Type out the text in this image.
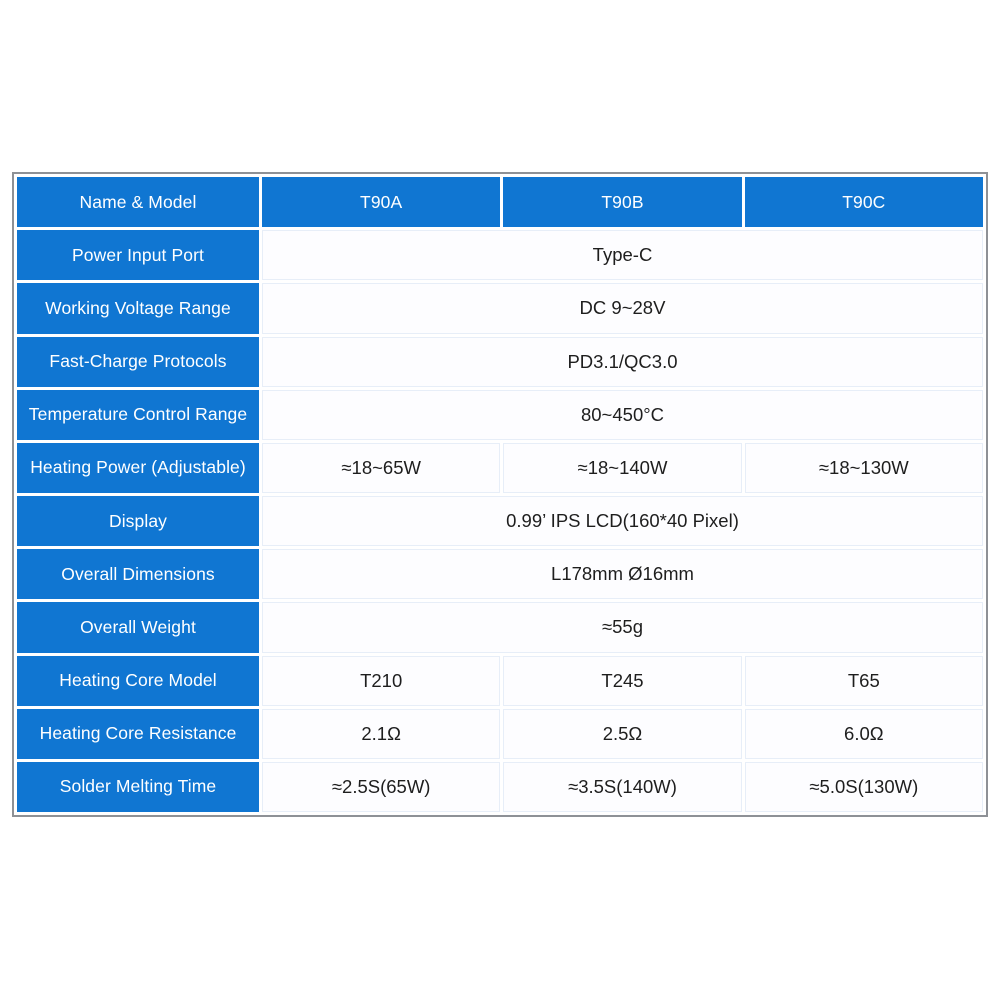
Name & Model	T90A	T90B	T90C
Power Input Port	Type-C
Working Voltage Range	DC 9~28V
Fast-Charge Protocols	PD3.1/QC3.0
Temperature Control Range	80~450°C
Heating Power (Adjustable)	≈18~65W	≈18~140W	≈18~130W
Display	0.99’ IPS LCD(160*40 Pixel)
Overall Dimensions	L178mm Ø16mm
Overall Weight	≈55g
Heating Core Model	T210	T245	T65
Heating Core Resistance	2.1Ω	2.5Ω	6.0Ω
Solder Melting Time	≈2.5S(65W)	≈3.5S(140W)	≈5.0S(130W)
